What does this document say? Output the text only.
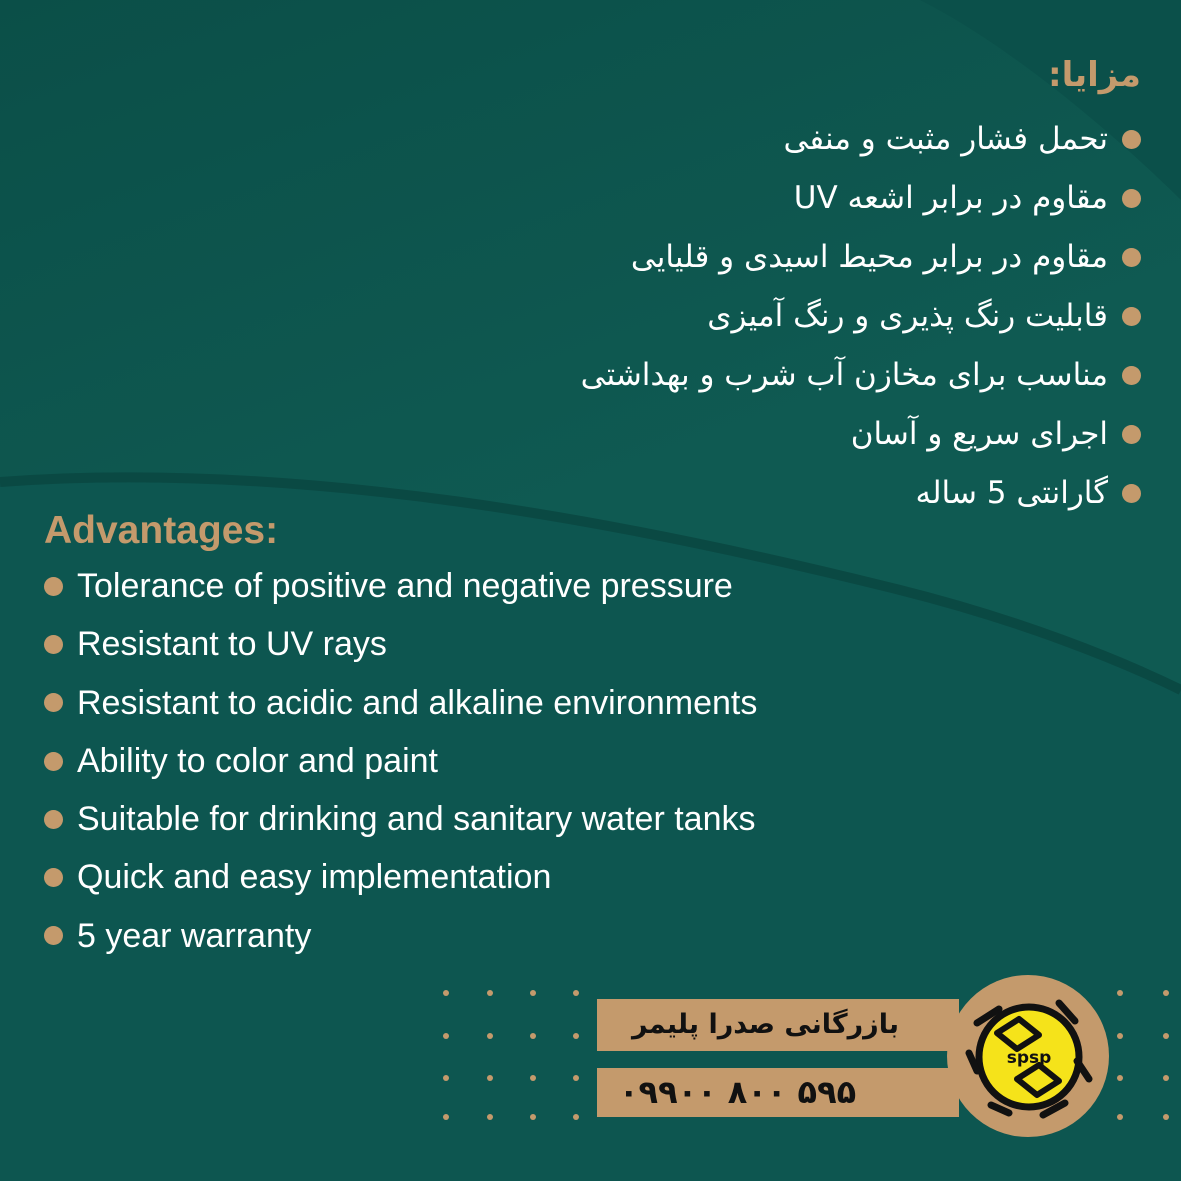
مزایا:
تحمل فشار مثبت و منفی
مقاوم در برابر اشعه UV
مقاوم در برابر محیط اسیدی و قلیایی
قابلیت رنگ پذیری و رنگ آمیزی
مناسب برای مخازن آب شرب و بهداشتی
اجرای سریع و آسان
گارانتی 5 ساله
Advantages:
Tolerance of positive and negative pressure
Resistant to UV rays
Resistant to acidic and alkaline environments
Ability to color and paint
Suitable for drinking and sanitary water tanks
Quick and easy implementation
5 year warranty
بازرگانی صدرا پلیمر
۰۹۹۰۰ ۸۰۰ ۵۹۵
spsp
